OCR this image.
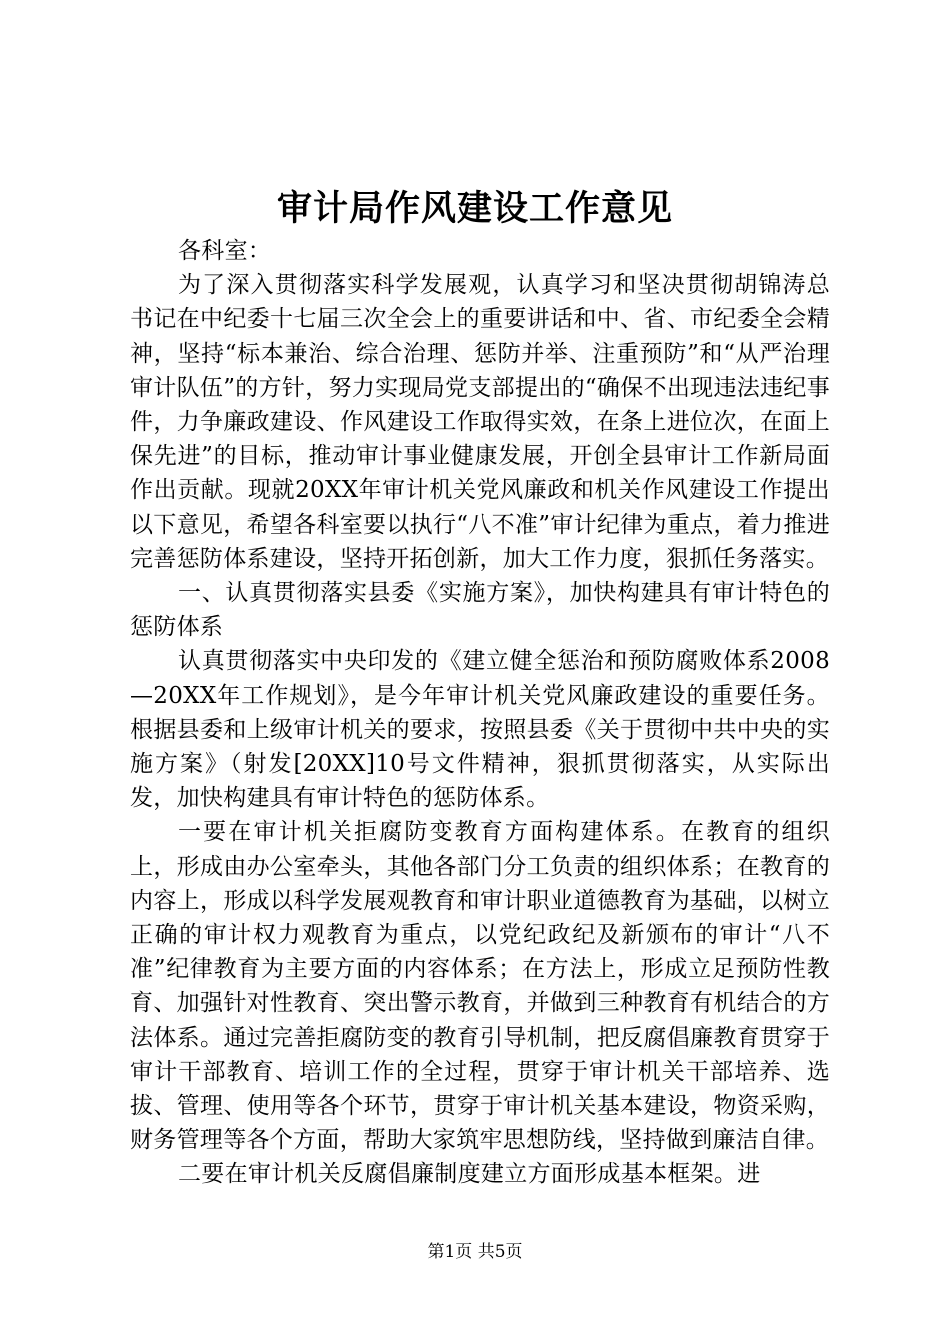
审计局作风建设工作意见

各科室：

为了深入贯彻落实科学发展观，认真学习和坚决贯彻胡锦涛总书记在中纪委十七届三次全会上的重要讲话和中、省、市纪委全会精神，坚持“标本兼治、综合治理、惩防并举、注重预防”和“从严治理审计队伍”的方针，努力实现局党支部提出的“确保不出现违法违纪事件，力争廉政建设、作风建设工作取得实效，在条上进位次，在面上保先进”的目标，推动审计事业健康发展，开创全县审计工作新局面作出贡献。现就20XX年审计机关党风廉政和机关作风建设工作提出以下意见，希望各科室要以执行“八不准”审计纪律为重点，着力推进完善惩防体系建设，坚持开拓创新，加大工作力度，狠抓任务落实。

一、认真贯彻落实县委《实施方案》，加快构建具有审计特色的惩防体系

认真贯彻落实中央印发的《建立健全惩治和预防腐败体系2008—20XX年工作规划》，是今年审计机关党风廉政建设的重要任务。根据县委和上级审计机关的要求，按照县委《关于贯彻中共中央的实施方案》（射发[20XX]10号文件精神，狠抓贯彻落实，从实际出发，加快构建具有审计特色的惩防体系。

一要在审计机关拒腐防变教育方面构建体系。在教育的组织上，形成由办公室牵头，其他各部门分工负责的组织体系；在教育的内容上，形成以科学发展观教育和审计职业道德教育为基础，以树立正确的审计权力观教育为重点，以党纪政纪及新颁布的审计“八不准”纪律教育为主要方面的内容体系；在方法上，形成立足预防性教育、加强针对性教育、突出警示教育，并做到三种教育有机结合的方法体系。通过完善拒腐防变的教育引导机制，把反腐倡廉教育贯穿于审计干部教育、培训工作的全过程，贯穿于审计机关干部培养、选拔、管理、使用等各个环节，贯穿于审计机关基本建设，物资采购，财务管理等各个方面，帮助大家筑牢思想防线，坚持做到廉洁自律。

二要在审计机关反腐倡廉制度建立方面形成基本框架。进

第1页 共5页
